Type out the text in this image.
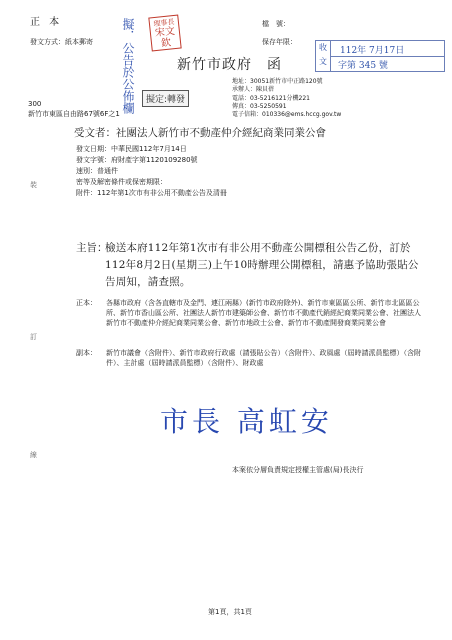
正 本
發文方式：紙本郵寄 擬．公告於公佈欄	理事長
宋文欽
檔　號：
保存年限：
收文
112年 7月17日
字第 345 號
新竹市政府　函
地址：30051新竹市中正路120號
承辦人：陳貝蓓
電話：03-5216121分機221
傳真：03-5250591
電子信箱：010336@ems.hccg.gov.tw
擬定:轉發
300
新竹市東區自由路67號6F之1
受文者：社團法人新竹市不動產仲介經紀商業同業公會
發文日期：中華民國112年7月14日
發文字號：府財產字第1120109280號
速別：普通件
密等及解密條件或保密期限：
附件：112年第1次市有非公用不動產公告及清冊
裝
訂
線
主旨：
檢送本府112年第1次市有非公用不動產公開標租公告乙份，訂於112年8月2日(星期三)上午10時辦理公開標租，請惠予協助張貼公告周知，請查照。
正本： 各縣市政府（含各直轄市及金門、連江兩縣）(新竹市政府除外)、新竹市東區區公所、新竹市北區區公所、新竹市香山區公所、社團法人新竹市建築師公會、新竹市不動產代銷經紀商業同業公會、社團法人新竹市不動產仲介經紀商業同業公會、新竹市地政士公會、新竹市不動產開發商業同業公會
副本： 新竹市議會（含附件）、新竹市政府行政處（請張貼公告）（含附件）、政風處（屆時請派員監標）（含附件）、主計處（屆時請派員監標）（含附件）、財政處
市長 高虹安
本案依分層負責規定授權主管處(局)長決行
第1頁，共1頁
